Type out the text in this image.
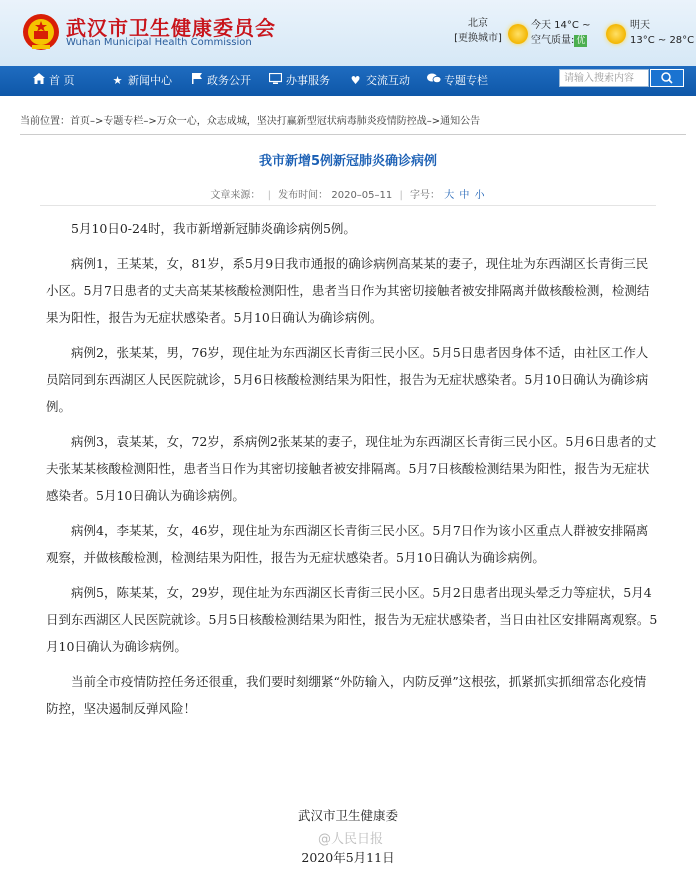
武汉市卫生健康委员会
Wuhan Municipal Health Commission
北京
[更换城市]
今天 14°C ~
空气质量: 优
明天
13°C ~ 28°C
首 页	★ 新闻中心	政务公开	办事服务 ♥ 交流互动	专题专栏	请输入搜索内容
当前位置：首页–>专题专栏–>万众一心，众志成城，坚决打赢新型冠状病毒肺炎疫情防控战–>通知公告
我市新增5例新冠肺炎确诊病例
文章来源： | 发布时间： 2020–05–11 | 字号： 大 中 小

5月10日0-24时，我市新增新冠肺炎确诊病例5例。

病例1，王某某，女，81岁，系5月9日我市通报的确诊病例高某某的妻子，现住址为东西湖区长青街三民小区。5月7日患者的丈夫高某某核酸检测阳性，患者当日作为其密切接触者被安排隔离并做核酸检测，检测结果为阳性，报告为无症状感染者。5月10日确认为确诊病例。

病例2，张某某，男，76岁，现住址为东西湖区长青街三民小区。5月5日患者因身体不适，由社区工作人员陪同到东西湖区人民医院就诊，5月6日核酸检测结果为阳性，报告为无症状感染者。5月10日确认为确诊病例。

病例3，袁某某，女，72岁，系病例2张某某的妻子，现住址为东西湖区长青街三民小区。5月6日患者的丈夫张某某核酸检测阳性，患者当日作为其密切接触者被安排隔离。5月7日核酸检测结果为阳性，报告为无症状感染者。5月10日确认为确诊病例。

病例4，李某某，女，46岁，现住址为东西湖区长青街三民小区。5月7日作为该小区重点人群被安排隔离观察，并做核酸检测，检测结果为阳性，报告为无症状感染者。5月10日确认为确诊病例。

病例5，陈某某，女，29岁，现住址为东西湖区长青街三民小区。5月2日患者出现头晕乏力等症状，5月4日到东西湖区人民医院就诊。5月5日核酸检测结果为阳性，报告为无症状感染者，当日由社区安排隔离观察。5月10日确认为确诊病例。

当前全市疫情防控任务还很重，我们要时刻绷紧“外防输入，内防反弹”这根弦，抓紧抓实抓细常态化疫情防控，坚决遏制反弹风险！

武汉市卫生健康委
2020年5月11日
@人民日报
